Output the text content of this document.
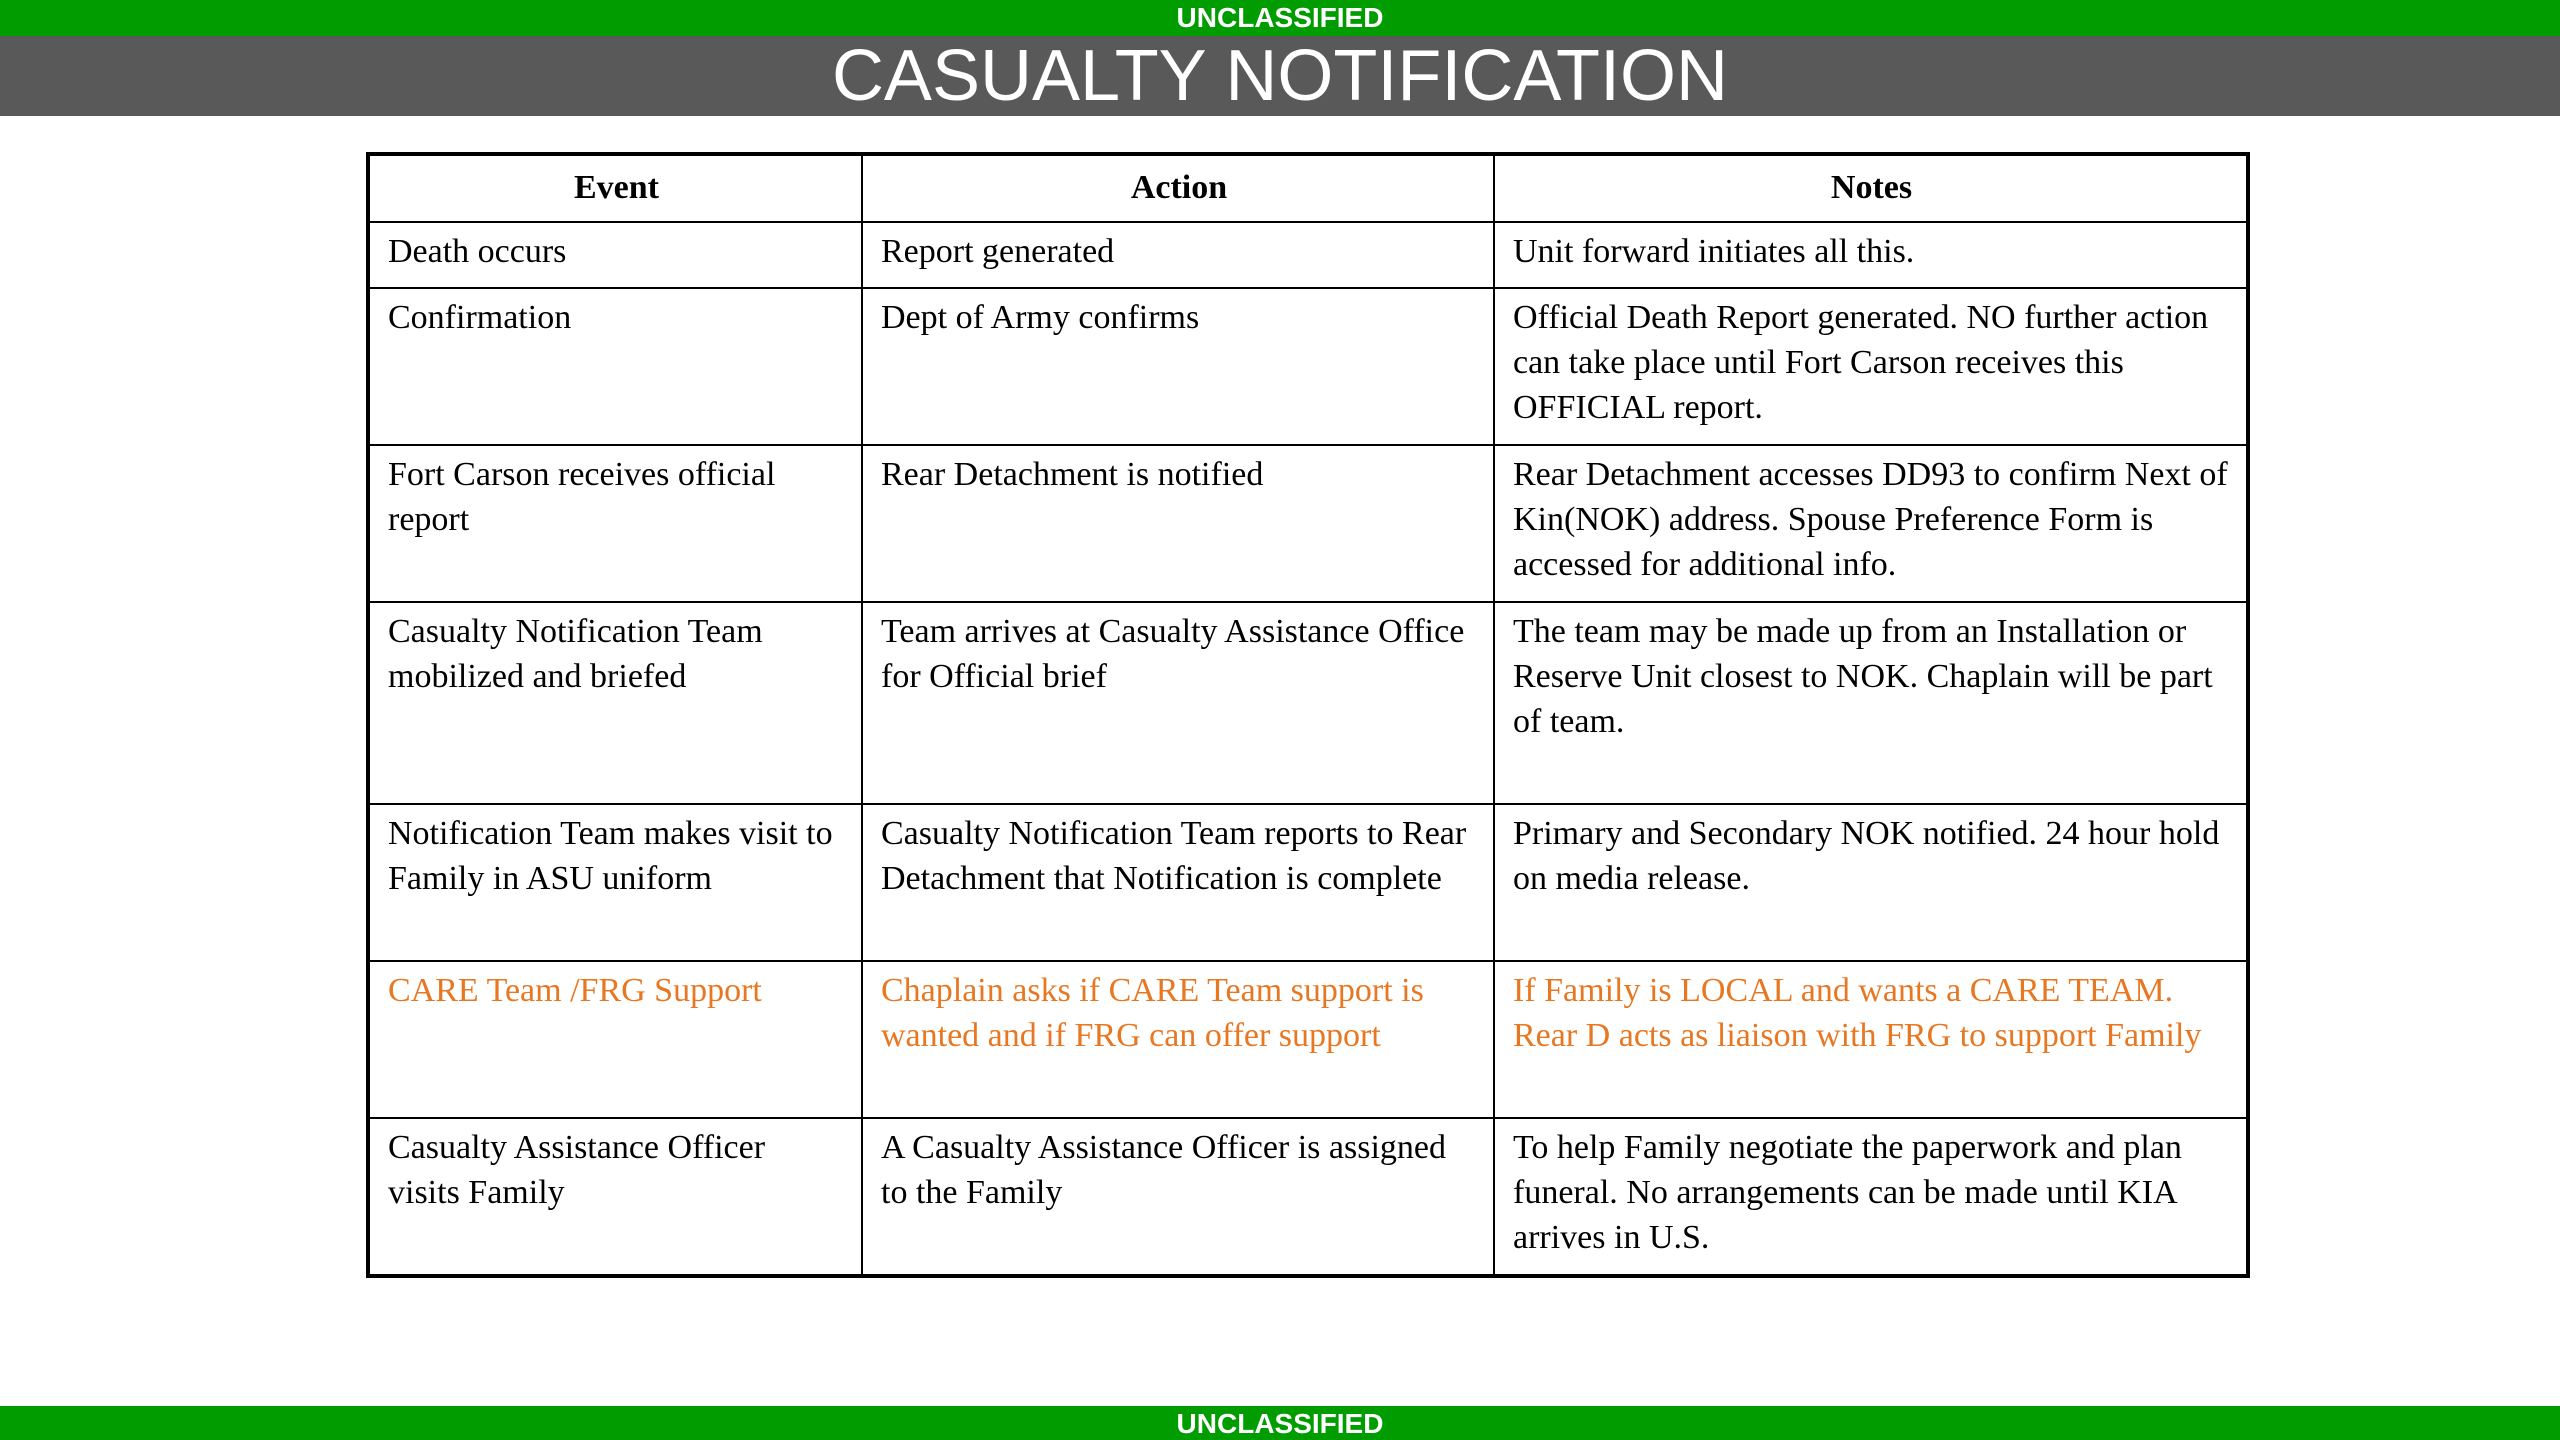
UNCLASSIFIED
CASUALTY NOTIFICATION
Event	Action	Notes
Death occurs	Report generated	Unit forward initiates all this.
Confirmation	Dept of Army confirms	Official Death Report generated. NO further action can take place until Fort Carson receives this OFFICIAL report.
Fort Carson receives official report	Rear Detachment is notified	Rear Detachment accesses DD93 to confirm Next of Kin(NOK) address. Spouse Preference Form is accessed for additional info.
Casualty Notification Team mobilized and briefed	Team arrives at Casualty Assistance Office for Official brief	The team may be made up from an Installation or Reserve Unit closest to NOK. Chaplain will be part of team.
Notification Team makes visit to Family in ASU uniform	Casualty Notification Team reports to Rear Detachment that Notification is complete	Primary and Secondary NOK notified. 24 hour hold on media release.
CARE Team /FRG Support	Chaplain asks if CARE Team support is wanted and if FRG can offer support	If Family is LOCAL and wants a CARE TEAM. Rear D acts as liaison with FRG to support Family
Casualty Assistance Officer visits Family	A Casualty Assistance Officer is assigned to the Family	To help Family negotiate the paperwork and plan funeral. No arrangements can be made until KIA arrives in U.S.
UNCLASSIFIED
